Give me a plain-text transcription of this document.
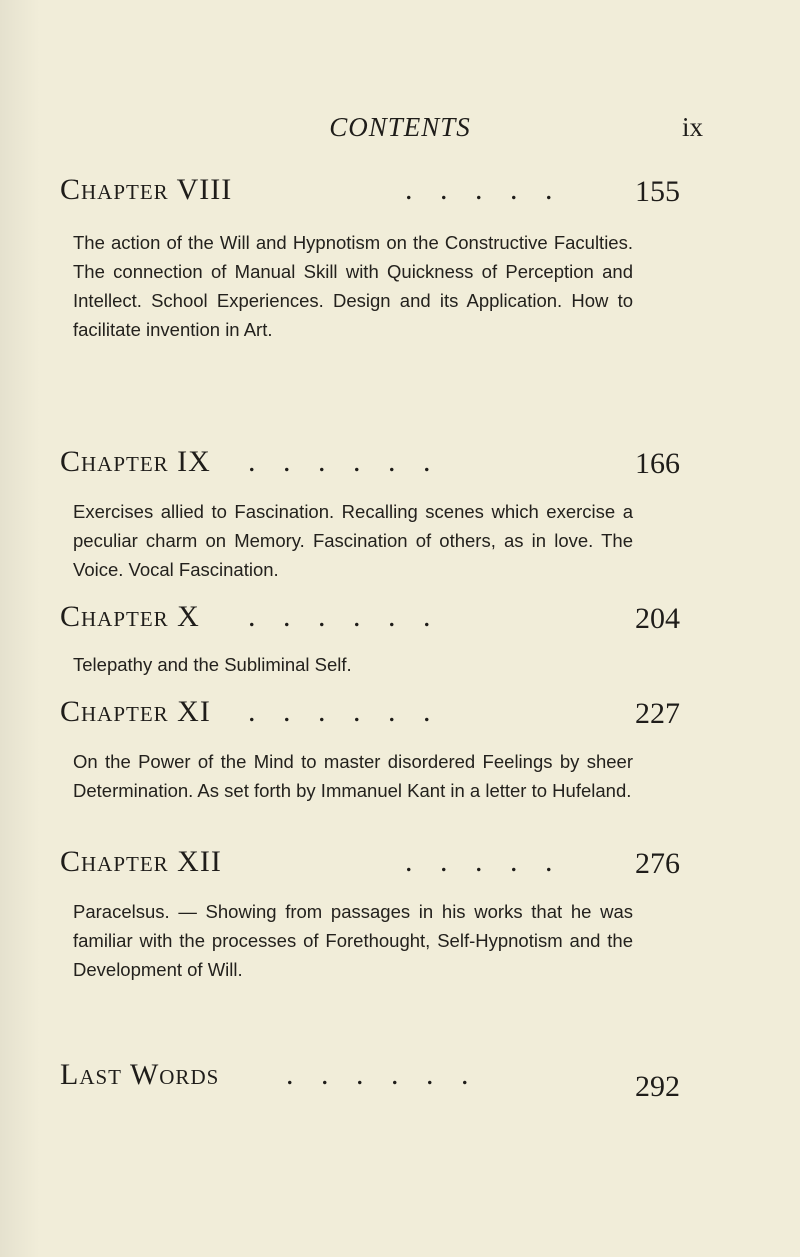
CONTENTS	ix
Chapter VIII	. . . . . 155
The action of the Will and Hypnotism on the Constructive Faculties. The connection of Manual Skill with Quickness of Perception and Intellect. School Experiences. Design and its Application. How to facilitate invention in Art.
Chapter IX . . . . . .	166
Exercises allied to Fascination. Recalling scenes which exercise a peculiar charm on Memory. Fascination of others, as in love. The Voice. Vocal Fascination.
Chapter X . . . . . .	204
Telepathy and the Subliminal Self.
Chapter XI . . . . . .	227
On the Power of the Mind to master disordered Feelings by sheer Determination. As set forth by Immanuel Kant in a letter to Hufeland.
Chapter XII	. . . . . 276
Paracelsus. — Showing from passages in his works that he was familiar with the processes of Forethought, Self-Hypnotism and the Development of Will.
Last Words . . . . . .	292
